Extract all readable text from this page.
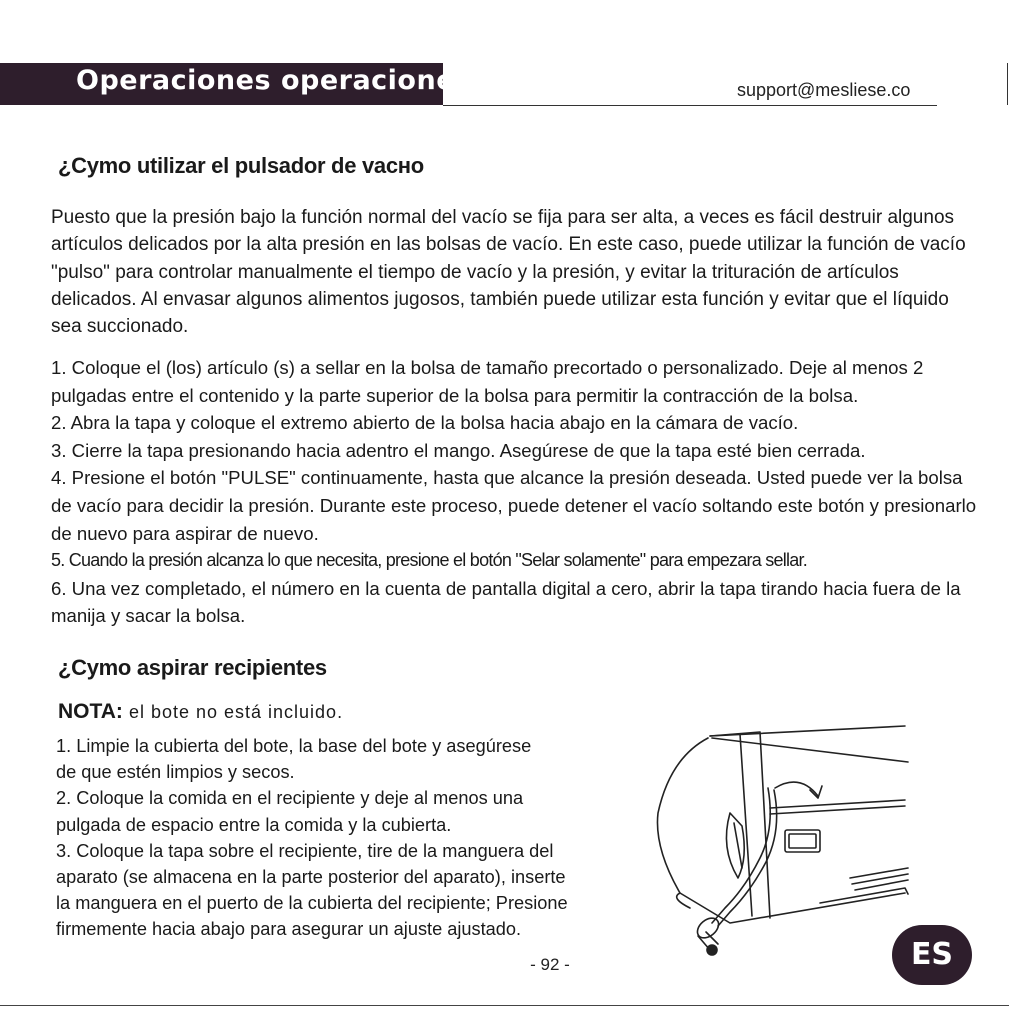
Operaciones operaciones	support@mesliese.co
¿Cymo utilizar el pulsador de vacнo
Puesto que la presión bajo la función normal del vacío se fija para ser alta, a veces es fácil destruir algunos artículos delicados por la alta presión en las bolsas de vacío. En este caso, puede utilizar la función de vacío "pulso" para controlar manualmente el tiempo de vacío y la presión, y evitar la trituración de artículos delicados. Al envasar algunos alimentos jugosos, también puede utilizar esta función y evitar que el líquido sea succionado.
1. Coloque el (los) artículo (s) a sellar en la bolsa de tamaño precortado o personalizado. Deje al menos 2 pulgadas entre el contenido y la parte superior de la bolsa para permitir la contracción de la bolsa.
2. Abra la tapa y coloque el extremo abierto de la bolsa hacia abajo en la cámara de vacío.
3. Cierre la tapa presionando hacia adentro el mango. Asegúrese de que la tapa esté bien cerrada.
4. Presione el botón "PULSE" continuamente, hasta que alcance la presión deseada. Usted puede ver la bolsa de vacío para decidir la presión. Durante este proceso, puede detener el vacío soltando este botón y presionarlo de nuevo para aspirar de nuevo.
5. Cuando la presión alcanza lo que necesita, presione el botón "Selar solamente" para empezara sellar.
6. Una vez completado, el número en la cuenta de pantalla digital a cero, abrir la tapa tirando hacia fuera de la manija y sacar la bolsa.
¿Cymo aspirar recipientes
NOTA: el bote no está incluido.
1. Limpie la cubierta del bote, la base del bote y asegúrese
de que estén limpios y secos.
2. Coloque la comida en el recipiente y deje al menos una
pulgada de espacio entre la comida y la cubierta.
3. Coloque la tapa sobre el recipiente, tire de la manguera del
aparato (se almacena en la parte posterior del aparato), inserte
la manguera en el puerto de la cubierta del recipiente; Presione
firmemente hacia abajo para asegurar un ajuste ajustado.
- 92 -	ES
